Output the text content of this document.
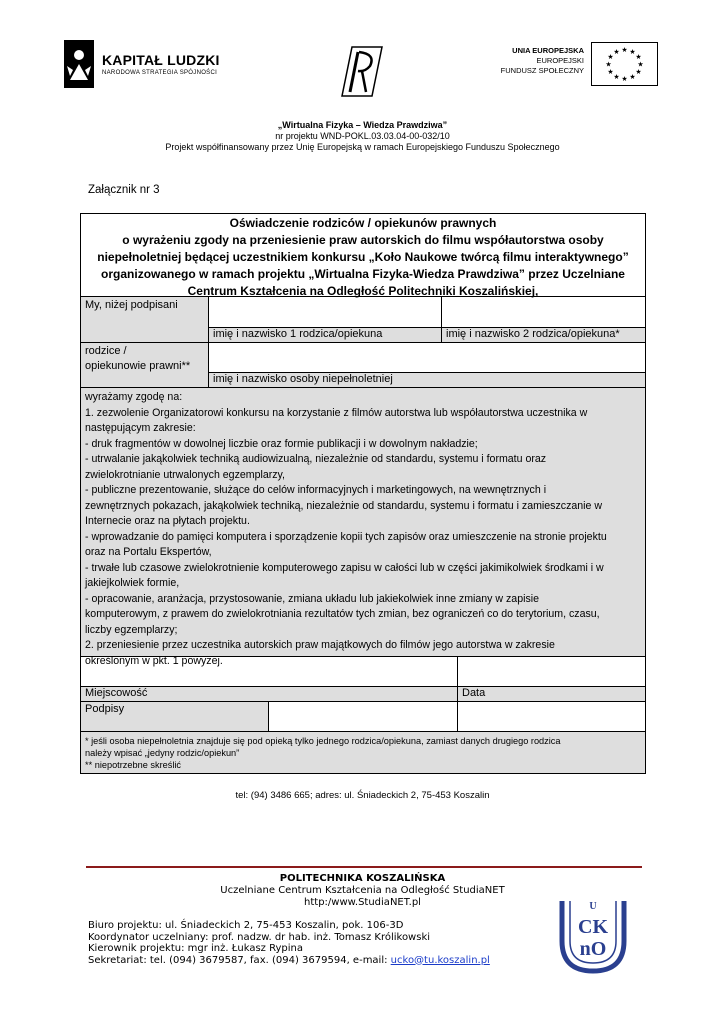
KAPITAŁ LUDZKI
NARODOWA STRATEGIA SPÓJNOŚCI
UNIA EUROPEJSKA
EUROPEJSKI
FUNDUSZ SPOŁECZNY
★ ★
★
★
★
★
★
★
★
★
★
★
„Wirtualna Fizyka – Wiedza Prawdziwa”
nr projektu WND-POKL.03.03.04-00-032/10
Projekt współfinansowany przez Unię Europejską w ramach Europejskiego Funduszu Społecznego
Załącznik nr 3
Oświadczenie rodziców / opiekunów prawnych
o wyrażeniu zgody na przeniesienie praw autorskich do filmu współautorstwa osoby
niepełnoletniej będącej uczestnikiem konkursu „Koło Naukowe twórcą filmu interaktywnego”
organizowanego w ramach projektu „Wirtualna Fizyka-Wiedza Prawdziwa” przez Uczelniane
Centrum Kształcenia na Odległość Politechniki Koszalińskiej,
My, niżej podpisani
imię i nazwisko 1 rodzica/opiekuna	imię i nazwisko 2 rodzica/opiekuna*
rodzice /
opiekunowie prawni**
imię i nazwisko osoby niepełnoletniej
wyrażamy zgodę na:
1. zezwolenie Organizatorowi konkursu na korzystanie z filmów autorstwa lub współautorstwa uczestnika w
następującym zakresie:
- druk fragmentów w dowolnej liczbie oraz formie publikacji i w dowolnym nakładzie;
- utrwalanie jakąkolwiek techniką audiowizualną, niezależnie od standardu, systemu i formatu oraz
zwielokrotnianie utrwalonych egzemplarzy,
- publiczne prezentowanie, służące do celów informacyjnych i marketingowych, na wewnętrznych i
zewnętrznych pokazach, jakąkolwiek techniką, niezależnie od standardu, systemu i formatu i zamieszczanie w
Internecie oraz na płytach projektu.
- wprowadzanie do pamięci komputera i sporządzenie kopii tych zapisów oraz umieszczenie na stronie projektu
oraz na Portalu Ekspertów,
- trwałe lub czasowe zwielokrotnienie komputerowego zapisu w całości lub w części jakimikolwiek środkami i w
jakiejkolwiek formie,
- opracowanie, aranżacja, przystosowanie, zmiana układu lub jakiekolwiek inne zmiany w zapisie
komputerowym, z prawem do zwielokrotniania rezultatów tych zmian, bez ograniczeń co do terytorium, czasu,
liczby egzemplarzy;
2. przeniesienie przez uczestnika autorskich praw majątkowych do filmów jego autorstwa w zakresie
określonym w pkt. 1 powyżej.
Miejscowość	Data
Podpisy
* jeśli osoba niepełnoletnia znajduje się pod opieką tylko jednego rodzica/opiekuna, zamiast danych drugiego rodzica
należy wpisać „jedyny rodzic/opiekun”
** niepotrzebne skreślić
tel: (94) 3486 665; adres: ul. Śniadeckich 2, 75-453 Koszalin
POLITECHNIKA KOSZALIŃSKA
Uczelniane Centrum Kształcenia na Odległość StudiaNET
http:/www.StudiaNET.pl
Biuro projektu: ul. Śniadeckich 2, 75-453 Koszalin, pok. 106-3D
Koordynator uczelniany: prof. nadzw. dr hab. inż. Tomasz Królikowski
Kierownik projektu: mgr inż. Łukasz Rypina
Sekretariat: tel. (094) 3679587, fax. (094) 3679594, e-mail: ucko@tu.koszalin.pl
U
CK
nO
